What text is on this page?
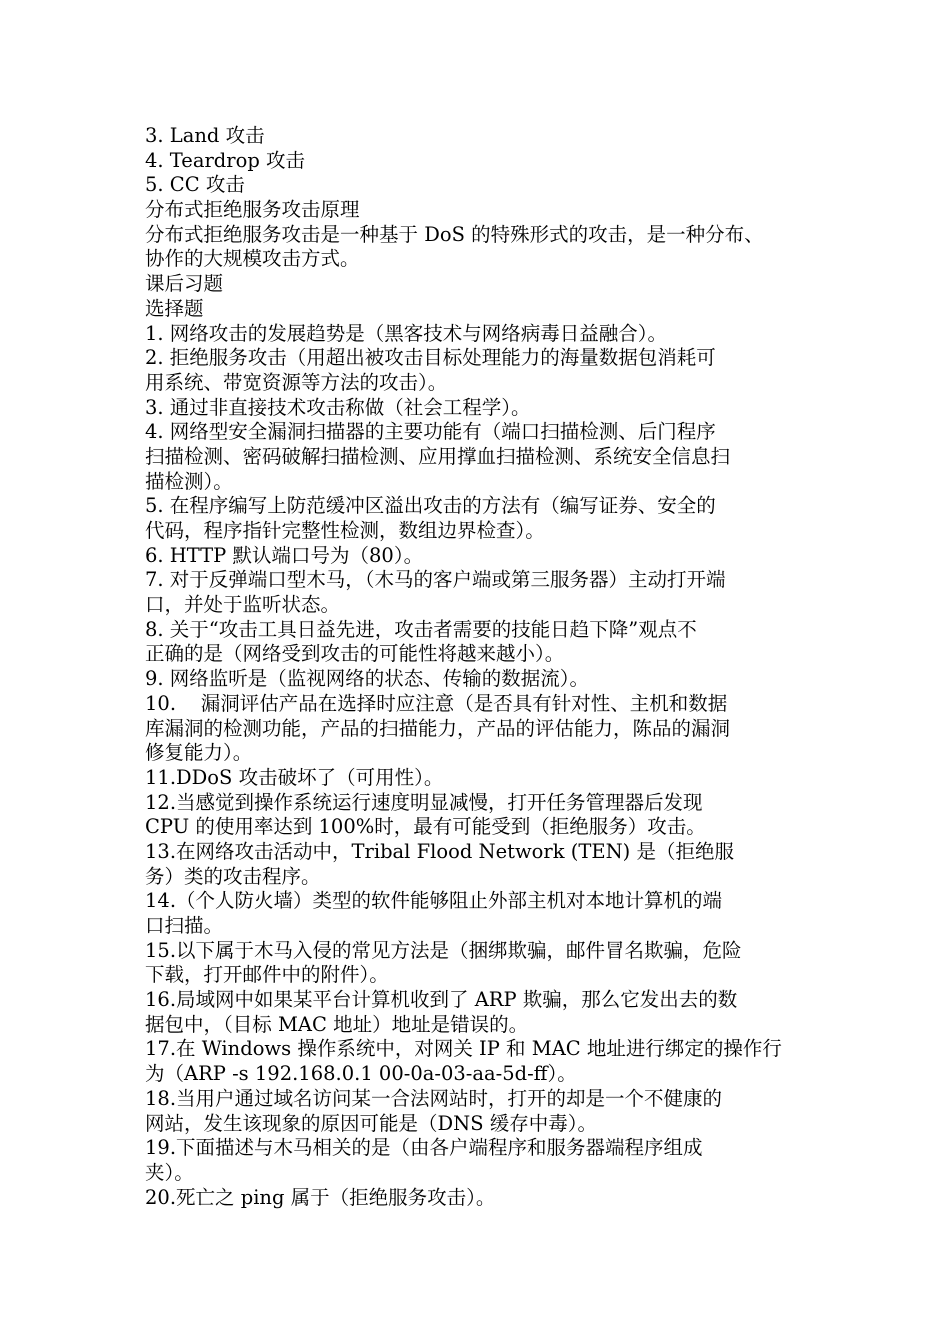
3. Land 攻击
4. Teardrop 攻击
5. CC 攻击
分布式拒绝服务攻击原理
分布式拒绝服务攻击是一种基于 DoS 的特殊形式的攻击，是一种分布、
协作的大规模攻击方式。
课后习题
选择题
1. 网络攻击的发展趋势是（黑客技术与网络病毒日益融合）。
2. 拒绝服务攻击（用超出被攻击目标处理能力的海量数据包消耗可
用系统、带宽资源等方法的攻击）。
3. 通过非直接技术攻击称做（社会工程学）。
4. 网络型安全漏洞扫描器的主要功能有（端口扫描检测、后门程序
扫描检测、密码破解扫描检测、应用撑血扫描检测、系统安全信息扫
描检测）。
5. 在程序编写上防范缓冲区溢出攻击的方法有（编写证券、安全的
代码，程序指针完整性检测，数组边界检查）。
6. HTTP 默认端口号为（80）。
7. 对于反弹端口型木马，（木马的客户端或第三服务器）主动打开端
口，并处于监听状态。
8. 关于“攻击工具日益先进，攻击者需要的技能日趋下降”观点不
正确的是（网络受到攻击的可能性将越来越小）。
9. 网络监听是（监视网络的状态、传输的数据流）。
10.    漏洞评估产品在选择时应注意（是否具有针对性、主机和数据
库漏洞的检测功能，产品的扫描能力，产品的评估能力，陈品的漏洞
修复能力）。
11.DDoS 攻击破坏了（可用性）。
12.当感觉到操作系统运行速度明显减慢，打开任务管理器后发现
CPU 的使用率达到 100%时，最有可能受到（拒绝服务）攻击。
13.在网络攻击活动中，Tribal Flood Network (TEN) 是（拒绝服
务）类的攻击程序。
14.（个人防火墙）类型的软件能够阻止外部主机对本地计算机的端
口扫描。
15.以下属于木马入侵的常见方法是（捆绑欺骗，邮件冒名欺骗，危险
下载，打开邮件中的附件）。
16.局域网中如果某平台计算机收到了 ARP 欺骗，那么它发出去的数
据包中，（目标 MAC 地址）地址是错误的。
17.在 Windows 操作系统中，对网关 IP 和 MAC 地址进行绑定的操作行
为（ARP -s 192.168.0.1 00-0a-03-aa-5d-ff）。
18.当用户通过域名访问某一合法网站时，打开的却是一个不健康的
网站，发生该现象的原因可能是（DNS 缓存中毒）。
19.下面描述与木马相关的是（由各户端程序和服务器端程序组成
夹）。
20.死亡之 ping 属于（拒绝服务攻击）。
